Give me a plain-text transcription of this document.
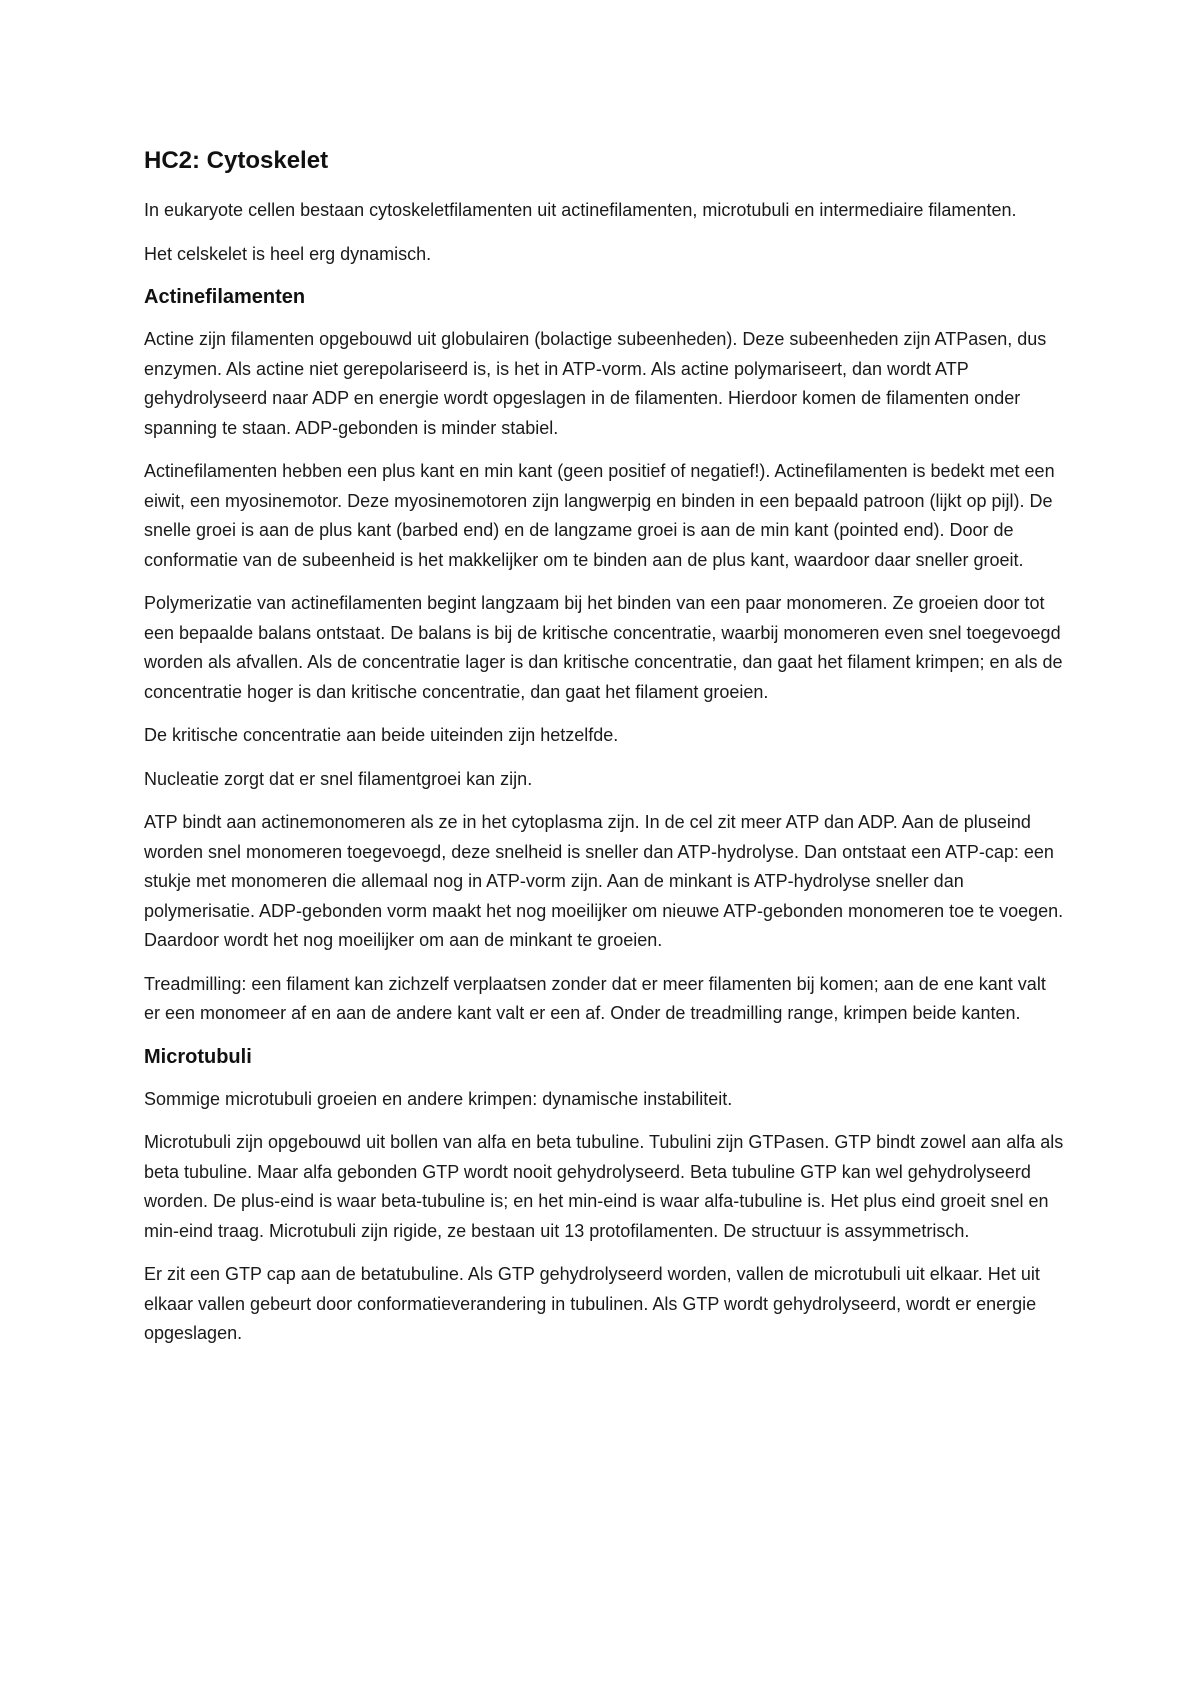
HC2: Cytoskelet

In eukaryote cellen bestaan cytoskeletfilamenten uit actinefilamenten, microtubuli en intermediaire filamenten.

Het celskelet is heel erg dynamisch.

Actinefilamenten

Actine zijn filamenten opgebouwd uit globulairen (bolactige subeenheden). Deze subeenheden zijn ATPasen, dus enzymen. Als actine niet gerepolariseerd is, is het in ATP-vorm. Als actine polymariseert, dan wordt ATP gehydrolyseerd naar ADP en energie wordt opgeslagen in de filamenten. Hierdoor komen de filamenten onder spanning te staan. ADP-gebonden is minder stabiel.

Actinefilamenten hebben een plus kant en min kant (geen positief of negatief!). Actinefilamenten is bedekt met een eiwit, een myosinemotor. Deze myosinemotoren zijn langwerpig en binden in een bepaald patroon (lijkt op pijl). De snelle groei is aan de plus kant (barbed end) en de langzame groei is aan de min kant (pointed end). Door de conformatie van de subeenheid is het makkelijker om te binden aan de plus kant, waardoor daar sneller groeit.

Polymerizatie van actinefilamenten begint langzaam bij het binden van een paar monomeren. Ze groeien door tot een bepaalde balans ontstaat. De balans is bij de kritische concentratie, waarbij monomeren even snel toegevoegd worden als afvallen. Als de concentratie lager is dan kritische concentratie, dan gaat het filament krimpen; en als de concentratie hoger is dan kritische concentratie, dan gaat het filament groeien.

De kritische concentratie aan beide uiteinden zijn hetzelfde.

Nucleatie zorgt dat er snel filamentgroei kan zijn.

ATP bindt aan actinemonomeren als ze in het cytoplasma zijn. In de cel zit meer ATP dan ADP. Aan de pluseind worden snel monomeren toegevoegd, deze snelheid is sneller dan ATP-hydrolyse. Dan ontstaat een ATP-cap: een stukje met monomeren die allemaal nog in ATP-vorm zijn. Aan de minkant is ATP-hydrolyse sneller dan polymerisatie. ADP-gebonden vorm maakt het nog moeilijker om nieuwe ATP-gebonden monomeren toe te voegen. Daardoor wordt het nog moeilijker om aan de minkant te groeien.

Treadmilling: een filament kan zichzelf verplaatsen zonder dat er meer filamenten bij komen; aan de ene kant valt er een monomeer af en aan de andere kant valt er een af. Onder de treadmilling range, krimpen beide kanten.

Microtubuli

Sommige microtubuli groeien en andere krimpen: dynamische instabiliteit.

Microtubuli zijn opgebouwd uit bollen van alfa en beta tubuline. Tubulini zijn GTPasen. GTP bindt zowel aan alfa als beta tubuline. Maar alfa gebonden GTP wordt nooit gehydrolyseerd. Beta tubuline GTP kan wel gehydrolyseerd worden. De plus-eind is waar beta-tubuline is; en het min-eind is waar alfa-tubuline is. Het plus eind groeit snel en min-eind traag. Microtubuli zijn rigide, ze bestaan uit 13 protofilamenten. De structuur is assymmetrisch.

Er zit een GTP cap aan de betatubuline. Als GTP gehydrolyseerd worden, vallen de microtubuli uit elkaar. Het uit elkaar vallen gebeurt door conformatieverandering in tubulinen. Als GTP wordt gehydrolyseerd, wordt er energie opgeslagen.
